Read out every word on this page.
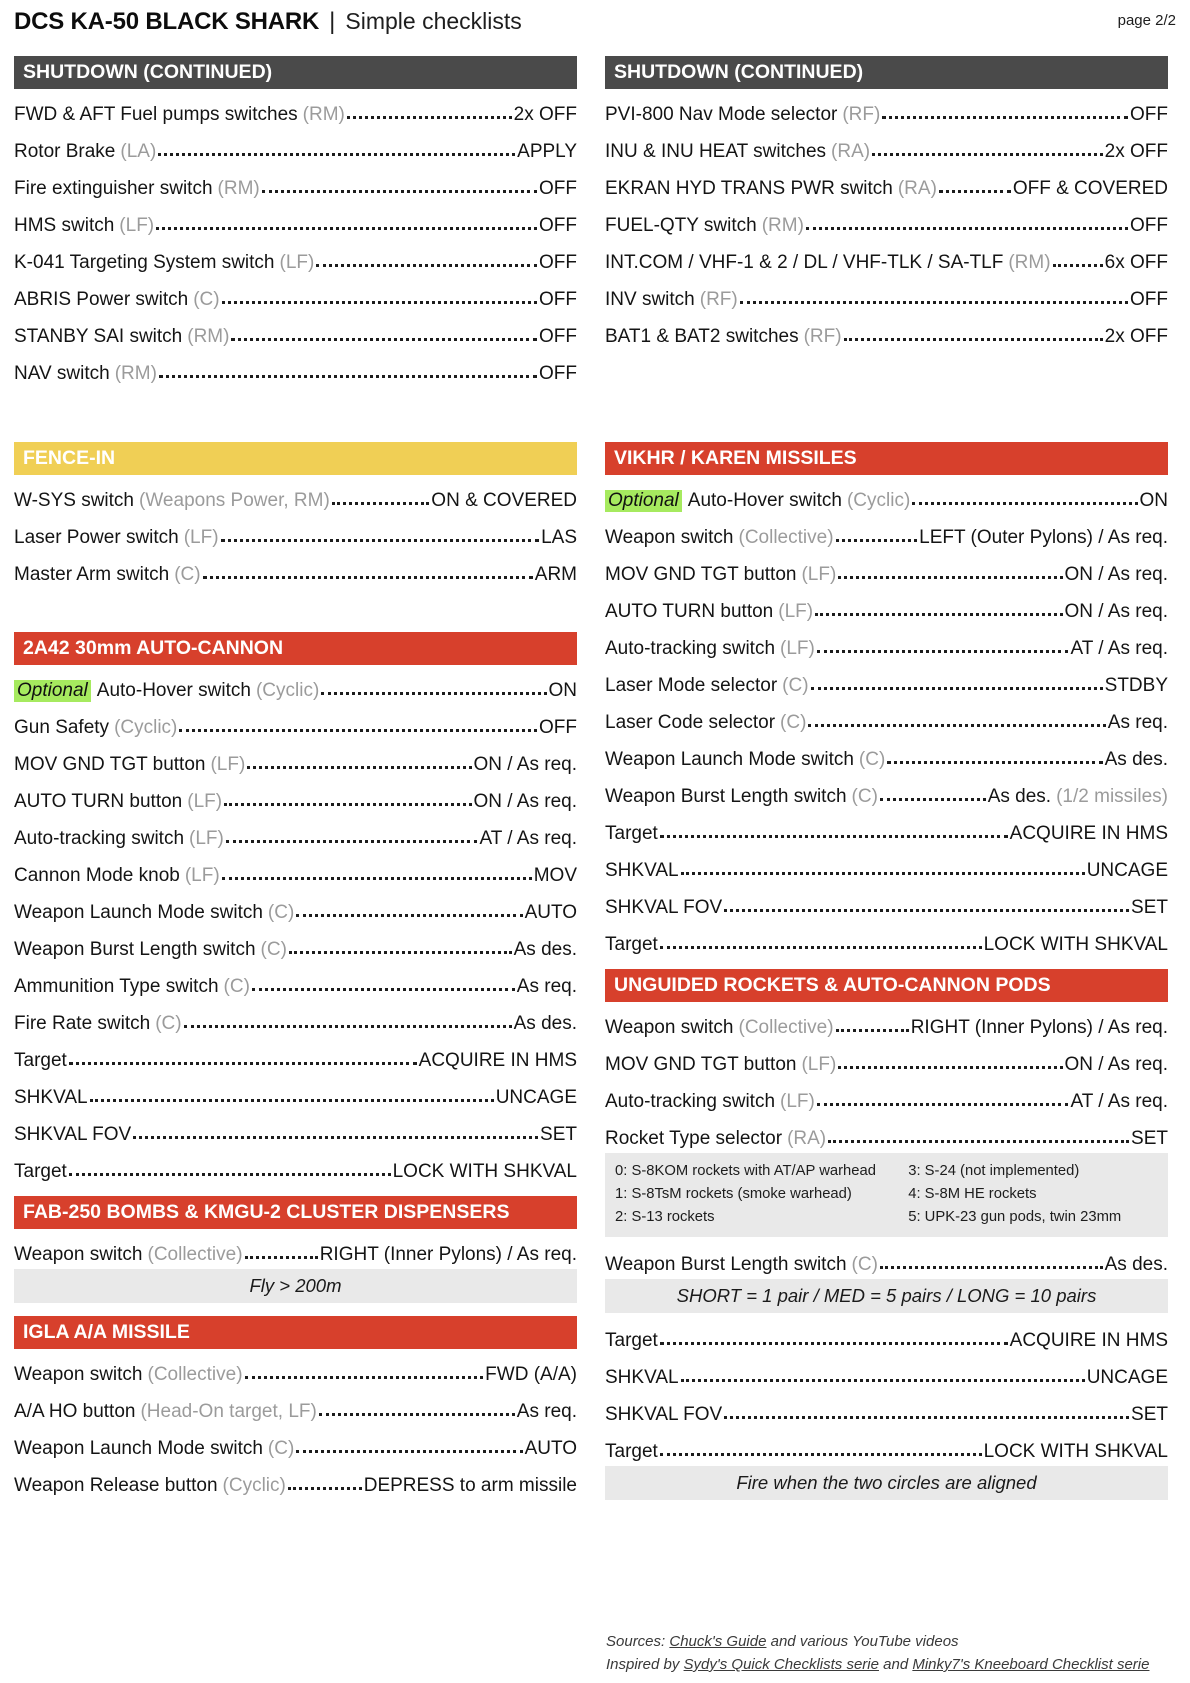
DCS KA-50 BLACK SHARK | Simple checklists	page 2/2
SHUTDOWN (CONTINUED)
FWD & AFT Fuel pumps switches (RM)	2x OFF
Rotor Brake (LA)	APPLY
Fire extinguisher switch (RM)	OFF
HMS switch (LF)	OFF
K-041 Targeting System switch (LF)	OFF
ABRIS Power switch (C)	OFF
STANBY SAI switch (RM)	OFF
NAV switch (RM)	OFF
FENCE-IN
W-SYS switch (Weapons Power, RM)	ON & COVERED
Laser Power switch (LF)	LAS
Master Arm switch (C)	ARM
2A42 30mm AUTO-CANNON
Optional Auto-Hover switch (Cyclic)	ON
Gun Safety (Cyclic)	OFF
MOV GND TGT button (LF)	ON / As req.
AUTO TURN button (LF)	ON / As req.
Auto-tracking switch (LF)	AT / As req.
Cannon Mode knob (LF)	MOV
Weapon Launch Mode switch (C)	AUTO
Weapon Burst Length switch (C)	As des.
Ammunition Type switch (C)	As req.
Fire Rate switch (C)	As des.
Target	ACQUIRE IN HMS
SHKVAL	UNCAGE
SHKVAL FOV	SET
Target	LOCK WITH SHKVAL
FAB-250 BOMBS & KMGU-2 CLUSTER DISPENSERS
Weapon switch (Collective)	RIGHT (Inner Pylons) / As req.
Fly > 200m
IGLA A/A MISSILE
Weapon switch (Collective)	FWD (A/A)
A/A HO button (Head-On target, LF)	As req.
Weapon Launch Mode switch (C)	AUTO
Weapon Release button (Cyclic)	DEPRESS to arm missile
SHUTDOWN (CONTINUED)
PVI-800 Nav Mode selector (RF)	OFF
INU & INU HEAT switches (RA)	2x OFF
EKRAN HYD TRANS PWR switch (RA)	OFF & COVERED
FUEL-QTY switch (RM)	OFF
INT.COM / VHF-1 & 2 / DL / VHF-TLK / SA-TLF (RM)	6x OFF
INV switch (RF)	OFF
BAT1 & BAT2 switches (RF)	2x OFF
VIKHR / KAREN MISSILES
Optional Auto-Hover switch (Cyclic)	ON
Weapon switch (Collective)	LEFT (Outer Pylons) / As req.
MOV GND TGT button (LF)	ON / As req.
AUTO TURN button (LF)	ON / As req.
Auto-tracking switch (LF)	AT / As req.
Laser Mode selector (C)	STDBY
Laser Code selector (C)	As req.
Weapon Launch Mode switch (C)	As des.
Weapon Burst Length switch (C)	As des. (1/2 missiles)
Target	ACQUIRE IN HMS
SHKVAL	UNCAGE
SHKVAL FOV	SET
Target	LOCK WITH SHKVAL
UNGUIDED ROCKETS & AUTO-CANNON PODS
Weapon switch (Collective)	RIGHT (Inner Pylons) / As req.
MOV GND TGT button (LF)	ON / As req.
Auto-tracking switch (LF)	AT / As req.
Rocket Type selector (RA)	SET
0: S-8KOM rockets with AT/AP warhead
1: S-8TsM rockets (smoke warhead)
2: S-13 rockets
3: S-24 (not implemented)
4: S-8M HE rockets
5: UPK-23 gun pods, twin 23mm
Weapon Burst Length switch (C)	As des.
SHORT = 1 pair / MED = 5 pairs / LONG = 10 pairs
Target	ACQUIRE IN HMS
SHKVAL	UNCAGE
SHKVAL FOV	SET
Target	LOCK WITH SHKVAL
Fire when the two circles are aligned
Sources: Chuck's Guide and various YouTube videos
Inspired by Sydy's Quick Checklists serie and Minky7's Kneeboard Checklist serie
